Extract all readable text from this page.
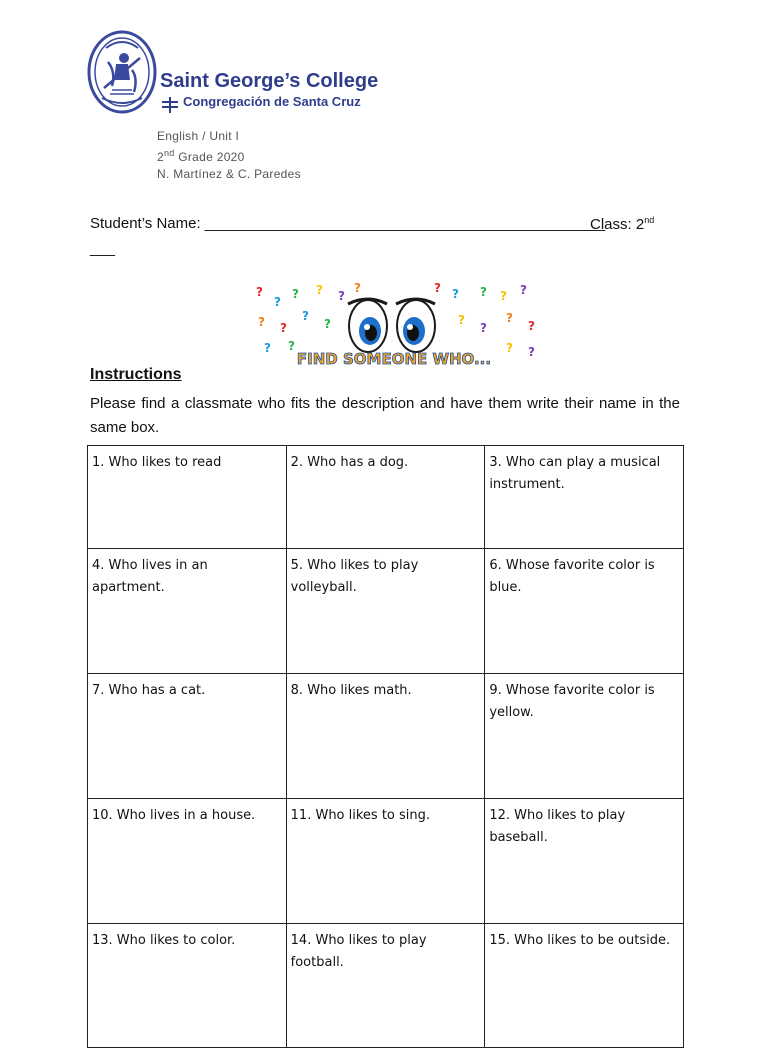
Saint George’s College

Congregación de Santa Cruz

English / Unit I
2nd Grade 2020
N. Martínez & C. Paredes
Student’s Name: ________________________________________________
Class: 2nd
___
?
?
? ? ?
?	? ? ? ? ?
? ?
?
?	?
?
?
?
? ?	? ?
FIND SOMEONE WHO...
Instructions

Please find a classmate who fits the description and have them write their name in the same box.

1. Who likes to read	2. Who has a dog.	3. Who can play a musical instrument.
4. Who lives in an apartment.	5. Who likes to play volleyball.	6. Whose favorite color is blue.
7. Who has a cat.	8. Who likes math.	9. Whose favorite color is yellow.
10. Who lives in a house.	11. Who likes to sing.	12. Who likes to play baseball.
13. Who likes to color.	14. Who likes to play football.	15. Who likes to be outside.
